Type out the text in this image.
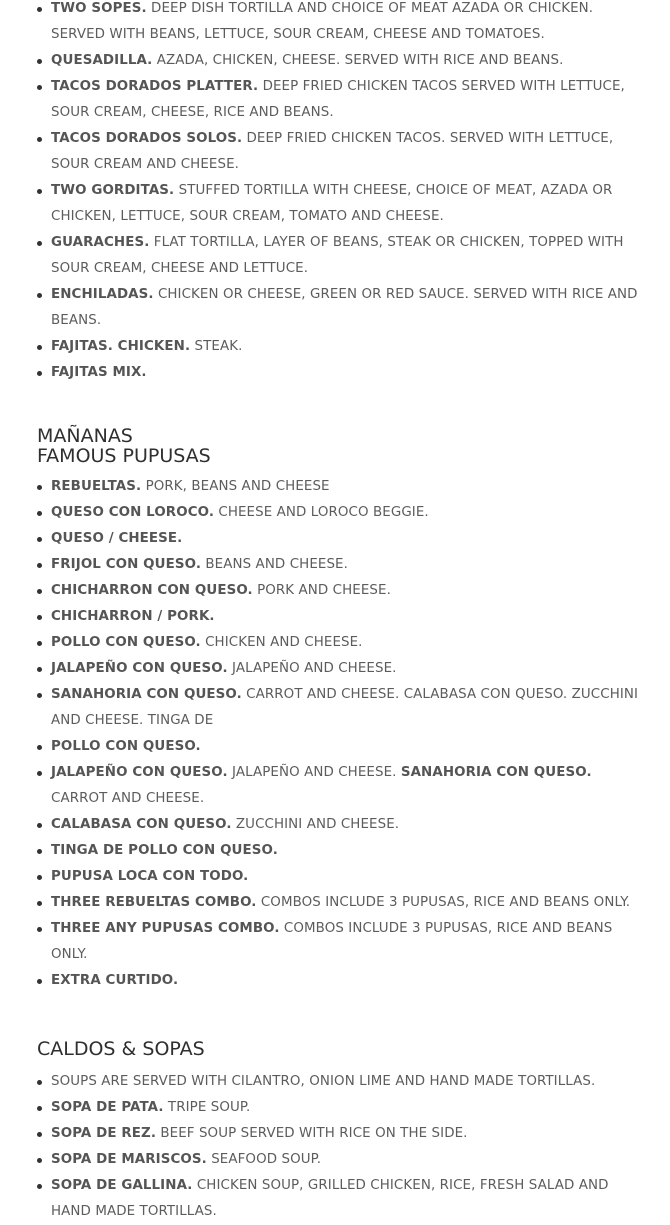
TWO SOPES. DEEP DISH TORTILLA AND CHOICE OF MEAT AZADA OR CHICKEN. SERVED WITH BEANS, LETTUCE, SOUR CREAM, CHEESE AND TOMATOES.
QUESADILLA. AZADA, CHICKEN, CHEESE. SERVED WITH RICE AND BEANS.
TACOS DORADOS PLATTER. DEEP FRIED CHICKEN TACOS SERVED WITH LETTUCE, SOUR CREAM, CHEESE, RICE AND BEANS.
TACOS DORADOS SOLOS. DEEP FRIED CHICKEN TACOS. SERVED WITH LETTUCE, SOUR CREAM AND CHEESE.
TWO GORDITAS. STUFFED TORTILLA WITH CHEESE, CHOICE OF MEAT, AZADA OR CHICKEN, LETTUCE, SOUR CREAM, TOMATO AND CHEESE.
GUARACHES. FLAT TORTILLA, LAYER OF BEANS, STEAK OR CHICKEN, TOPPED WITH SOUR CREAM, CHEESE AND LETTUCE.
ENCHILADAS. CHICKEN OR CHEESE, GREEN OR RED SAUCE. SERVED WITH RICE AND BEANS.
FAJITAS. CHICKEN. STEAK.
FAJITAS MIX.
MAÑANAS
FAMOUS PUPUSAS
REBUELTAS. PORK, BEANS AND CHEESE
QUESO CON LOROCO. CHEESE AND LOROCO BEGGIE.
QUESO / CHEESE.
FRIJOL CON QUESO. BEANS AND CHEESE.
CHICHARRON CON QUESO. PORK AND CHEESE.
CHICHARRON / PORK.
POLLO CON QUESO. CHICKEN AND CHEESE.
JALAPEÑO CON QUESO. JALAPEÑO AND CHEESE.
SANAHORIA CON QUESO. CARROT AND CHEESE. CALABASA CON QUESO. ZUCCHINI AND CHEESE. TINGA DE
POLLO CON QUESO.
JALAPEÑO CON QUESO. JALAPEÑO AND CHEESE. SANAHORIA CON QUESO. CARROT AND CHEESE.
CALABASA CON QUESO. ZUCCHINI AND CHEESE.
TINGA DE POLLO CON QUESO.
PUPUSA LOCA CON TODO.
THREE REBUELTAS COMBO. COMBOS INCLUDE 3 PUPUSAS, RICE AND BEANS ONLY.
THREE ANY PUPUSAS COMBO. COMBOS INCLUDE 3 PUPUSAS, RICE AND BEANS ONLY.
EXTRA CURTIDO.
CALDOS & SOPAS
SOUPS ARE SERVED WITH CILANTRO, ONION LIME AND HAND MADE TORTILLAS.
SOPA DE PATA. TRIPE SOUP.
SOPA DE REZ. BEEF SOUP SERVED WITH RICE ON THE SIDE.
SOPA DE MARISCOS. SEAFOOD SOUP.
SOPA DE GALLINA. CHICKEN SOUP, GRILLED CHICKEN, RICE, FRESH SALAD AND HAND MADE TORTILLAS.
